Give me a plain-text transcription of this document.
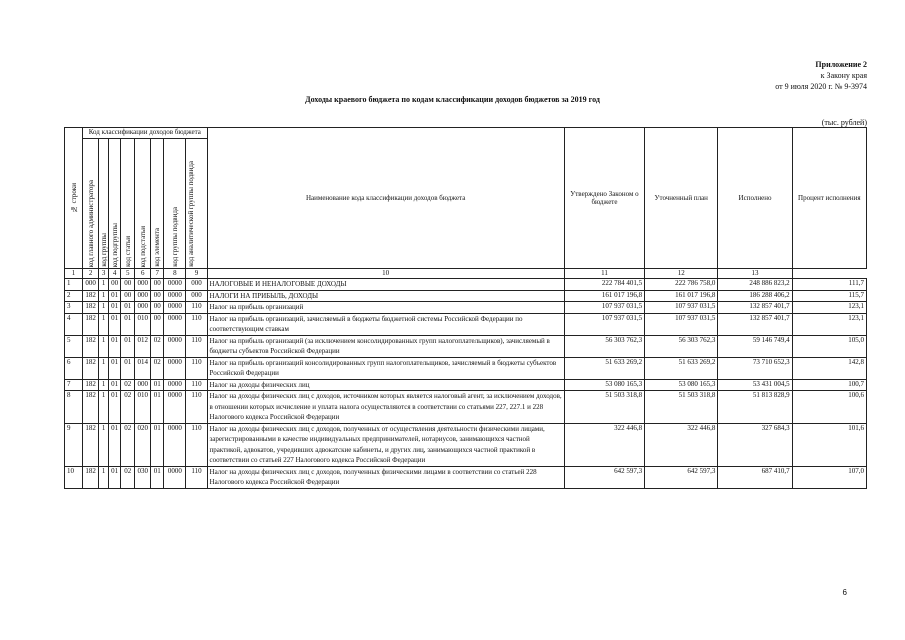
Приложение 2
к Закону края
от 9 июля 2020 г. № 9-3974
Доходы краевого бюджета по кодам классификации доходов бюджетов за 2019 год
(тыс. рублей)
№ строки	Код классификации доходов бюджета								Наименование кода классификации доходов бюджета	Утверждено Законом о бюджете	Уточненный план	Исполнено	Процент исполнения

	код главного администратора	код группы	код подгруппы	код статьи	код подстатьи	код элемента	код группы подвида	код аналитической группы подвида					

1	2	3	4	5	6	7	8	9	10	11	12	13	
1	000	1	00	00	000	00	0000	000	НАЛОГОВЫЕ И НЕНАЛОГОВЫЕ ДОХОДЫ	222 784 401,5	222 786 758,0	248 886 823,2	111,7
2	182	1	01	00	000	00	0000	000	НАЛОГИ НА ПРИБЫЛЬ, ДОХОДЫ	161 017 196,8	161 017 196,8	186 288 406,2	115,7
3	182	1	01	01	000	00	0000	110	Налог на прибыль организаций	107 937 031,5	107 937 031,5	132 857 401,7	123,1
4	182	1	01	01	010	00	0000	110	Налог на прибыль организаций, зачисляемый в бюджеты бюджетной системы Российской Федерации по соответствующим ставкам	107 937 031,5	107 937 031,5	132 857 401,7	123,1
5	182	1	01	01	012	02	0000	110	Налог на прибыль организаций (за исключением консолидированных групп налогоплательщиков), зачисляемый в бюджеты субъектов Российской Федерации	56 303 762,3	56 303 762,3	59 146 749,4	105,0
6	182	1	01	01	014	02	0000	110	Налог на прибыль организаций консолидированных групп налогоплательщиков, зачисляемый в бюджеты субъектов Российской Федерации	51 633 269,2	51 633 269,2	73 710 652,3	142,8
7	182	1	01	02	000	01	0000	110	Налог на доходы физических лиц	53 080 165,3	53 080 165,3	53 431 004,5	100,7
8	182	1	01	02	010	01	0000	110	Налог на доходы физических лиц с доходов, источником которых является налоговый агент, за исключением доходов, в отношении которых исчисление и уплата налога осуществляются в соответствии со статьями 227, 227.1 и 228 Налогового кодекса Российской Федерации	51 503 318,8	51 503 318,8	51 813 828,9	100,6
9	182	1	01	02	020	01	0000	110	Налог на доходы физических лиц с доходов, полученных от осуществления деятельности физическими лицами, зарегистрированными в качестве индивидуальных предпринимателей, нотариусов, занимающихся частной практикой, адвокатов, учредивших адвокатские кабинеты, и других лиц, занимающихся частной практикой в соответствии со статьей 227 Налогового кодекса Российской Федерации	322 446,8	322 446,8	327 684,3	101,6
10	182	1	01	02	030	01	0000	110	Налог на доходы физических лиц с доходов, полученных физическими лицами в соответствии со статьей 228 Налогового кодекса Российской Федерации	642 597,3	642 597,3	687 410,7	107,0
6
